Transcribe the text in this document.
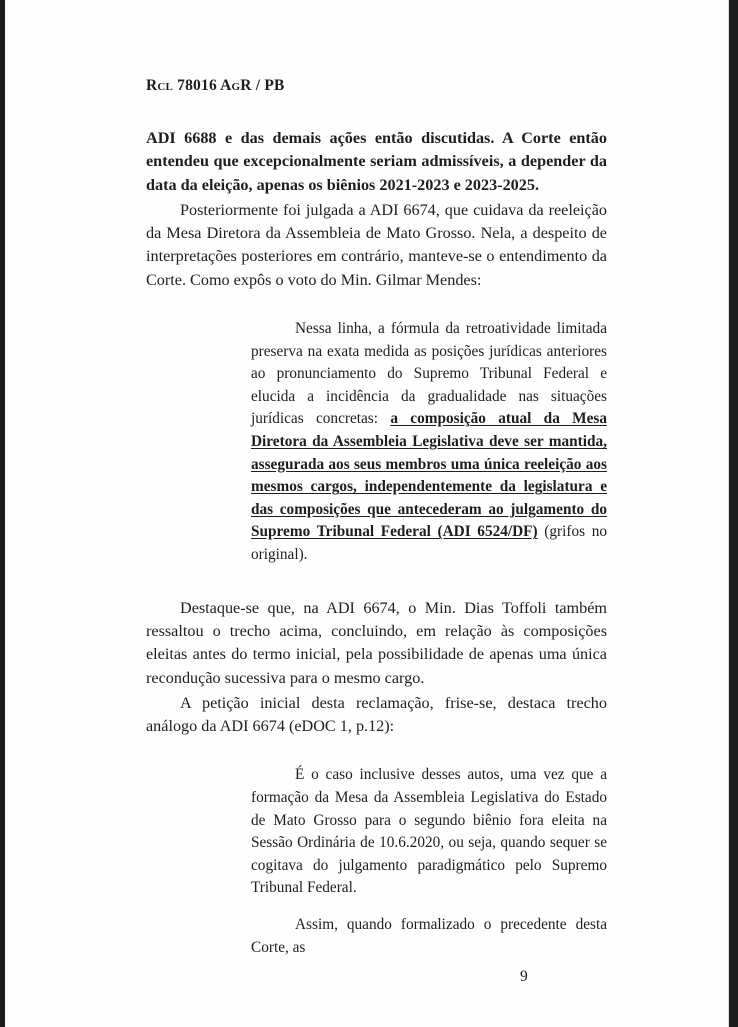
Rcl 78016 AgR / PB

ADI 6688 e das demais ações então discutidas. A Corte então entendeu que excepcionalmente seriam admissíveis, a depender da data da eleição, apenas os biênios 2021-2023 e 2023-2025.

Posteriormente foi julgada a ADI 6674, que cuidava da reeleição da Mesa Diretora da Assembleia de Mato Grosso. Nela, a despeito de interpretações posteriores em contrário, manteve-se o entendimento da Corte. Como expôs o voto do Min. Gilmar Mendes:

Nessa linha, a fórmula da retroatividade limitada preserva na exata medida as posições jurídicas anteriores ao pronunciamento do Supremo Tribunal Federal e elucida a incidência da gradualidade nas situações jurídicas concretas: a composição atual da Mesa Diretora da Assembleia Legislativa deve ser mantida, assegurada aos seus membros uma única reeleição aos mesmos cargos, independentemente da legislatura e das composições que antecederam ao julgamento do Supremo Tribunal Federal (ADI 6524/DF) (grifos no original).

Destaque-se que, na ADI 6674, o Min. Dias Toffoli também ressaltou o trecho acima, concluindo, em relação às composições eleitas antes do termo inicial, pela possibilidade de apenas uma única recondução sucessiva para o mesmo cargo.

A petição inicial desta reclamação, frise-se, destaca trecho análogo da ADI 6674 (eDOC 1, p.12):

É o caso inclusive desses autos, uma vez que a formação da Mesa da Assembleia Legislativa do Estado de Mato Grosso para o segundo biênio fora eleita na Sessão Ordinária de 10.6.2020, ou seja, quando sequer se cogitava do julgamento paradigmático pelo Supremo Tribunal Federal.

Assim, quando formalizado o precedente desta Corte, as

9
